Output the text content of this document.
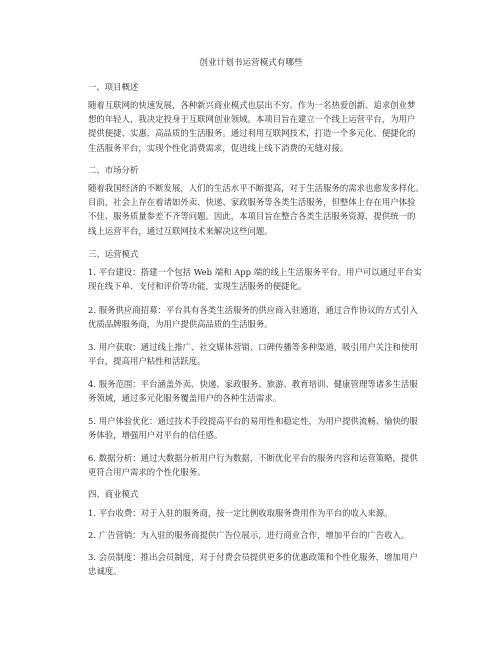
创业计划书运营模式有哪些
一、项目概述
随着互联网的快速发展，各种新兴商业模式也层出不穷。作为一名热爱创新、追求创业梦
想的年轻人，我决定投身于互联网创业领域。本项目旨在建立一个线上运营平台，为用户
提供便捷、实惠、高品质的生活服务。通过利用互联网技术，打造一个多元化、便捷化的
生活服务平台，实现个性化消费需求，促进线上线下消费的无缝对接。
二、市场分析
随着我国经济的不断发展，人们的生活水平不断提高，对于生活服务的需求也愈发多样化。
目前，社会上存在着诸如外卖、快递、家政服务等各类生活服务，但整体上存在用户体验
不佳、服务质量参差不齐等问题。因此，本项目旨在整合各类生活服务资源，提供统一的
线上运营平台，通过互联网技术来解决这些问题。
三、运营模式
1. 平台建设：搭建一个包括 Web 端和 App 端的线上生活服务平台。用户可以通过平台实
现在线下单、支付和评价等功能，实现生活服务的便捷化。
2. 服务供应商招募：平台具有各类生活服务的供应商入驻通道，通过合作协议的方式引入
优质品牌服务商，为用户提供高品质的生活服务。
3. 用户获取：通过线上推广、社交媒体营销、口碑传播等多种渠道，吸引用户关注和使用
平台，提高用户粘性和活跃度。
4. 服务范围：平台涵盖外卖、快递、家政服务、旅游、教育培训、健康管理等诸多生活服
务领域，通过多元化服务覆盖用户的各种生活需求。
5. 用户体验优化：通过技术手段提高平台的易用性和稳定性，为用户提供流畅、愉快的服
务体验，增强用户对平台的信任感。
6. 数据分析：通过大数据分析用户行为数据，不断优化平台的服务内容和运营策略，提供
更符合用户需求的个性化服务。
四、商业模式
1. 平台收费：对于入驻的服务商，按一定比例收取服务费用作为平台的收入来源。
2. 广告营销：为入驻的服务商提供广告位展示，进行商业合作，增加平台的广告收入。
3. 会员制度：推出会员制度，对于付费会员提供更多的优惠政策和个性化服务，增加用户
忠诚度。
